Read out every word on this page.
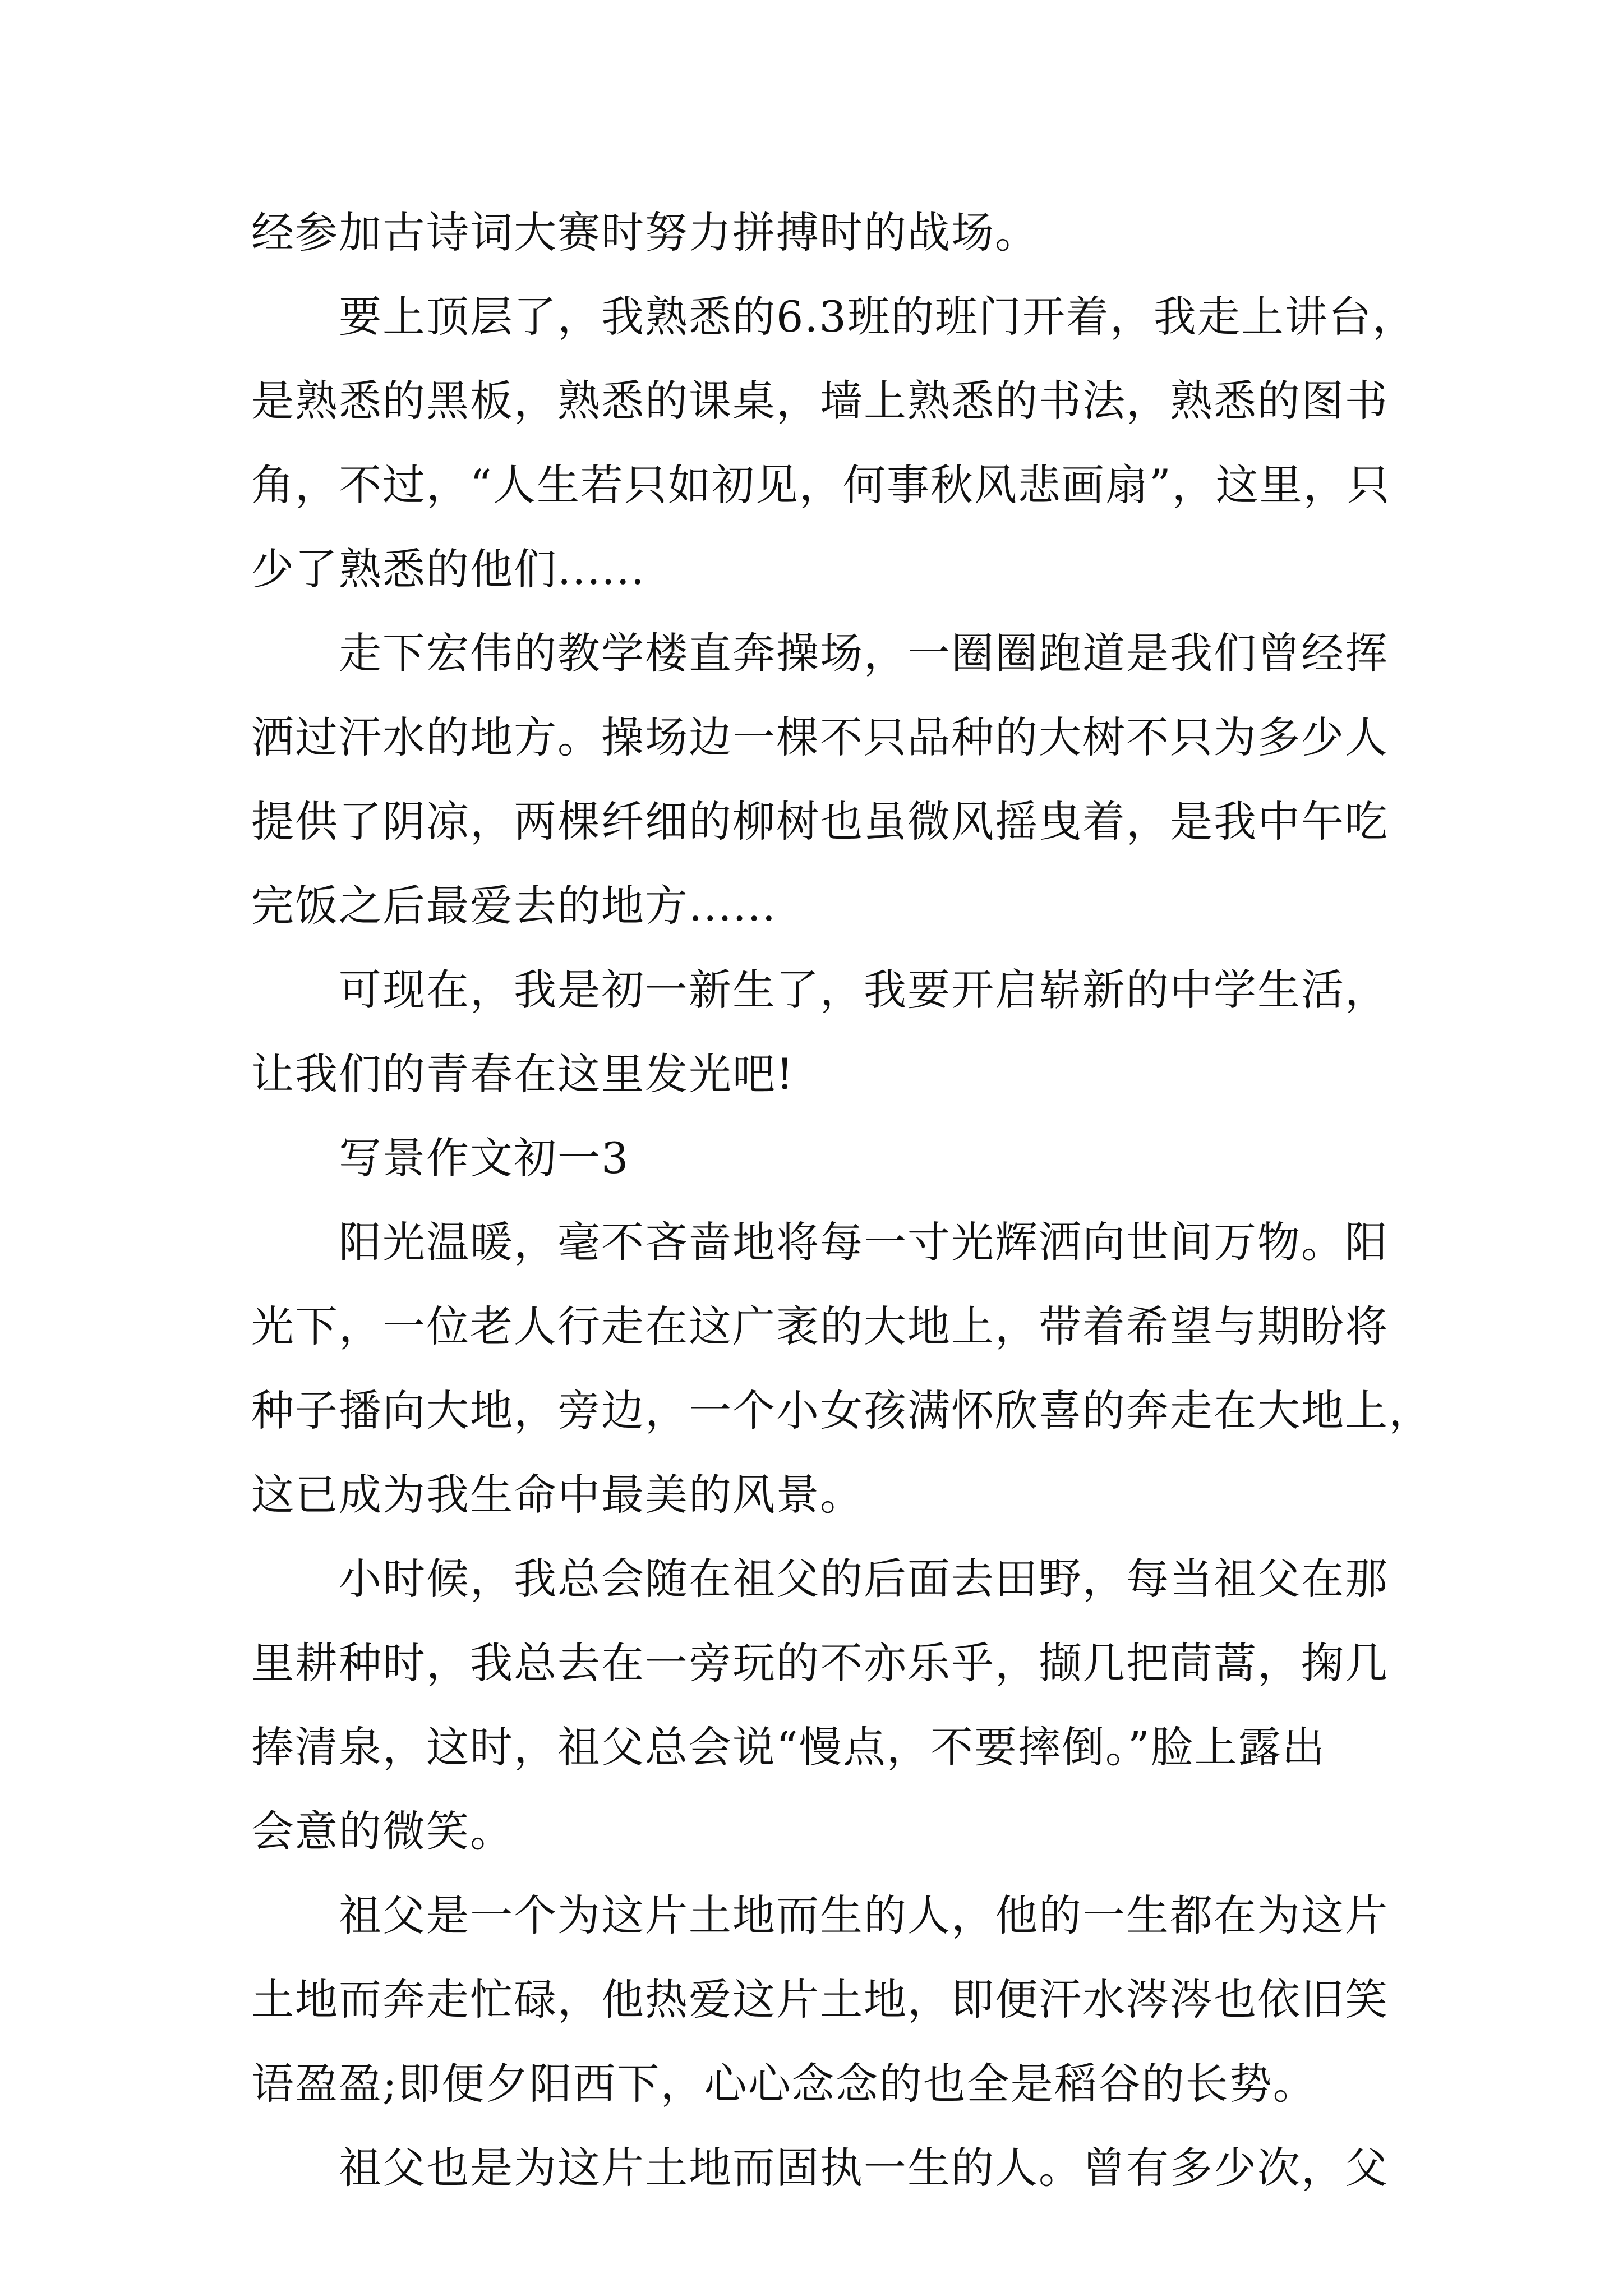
经参加古诗词大赛时努力拼搏时的战场。
要上顶层了，我熟悉的6.3班的班门开着，我走上讲台，
是熟悉的黑板，熟悉的课桌，墙上熟悉的书法，熟悉的图书
角，不过，“人生若只如初见，何事秋风悲画扇”，这里，只
少了熟悉的他们......
走下宏伟的教学楼直奔操场，一圈圈跑道是我们曾经挥
洒过汗水的地方。操场边一棵不只品种的大树不只为多少人
提供了阴凉，两棵纤细的柳树也虽微风摇曳着，是我中午吃
完饭之后最爱去的地方......
可现在，我是初一新生了，我要开启崭新的中学生活，
让我们的青春在这里发光吧!
写景作文初一3
阳光温暖，毫不吝啬地将每一寸光辉洒向世间万物。阳
光下，一位老人行走在这广袤的大地上，带着希望与期盼将
种子播向大地，旁边，一个小女孩满怀欣喜的奔走在大地上，
这已成为我生命中最美的风景。
小时候，我总会随在祖父的后面去田野，每当祖父在那
里耕种时，我总去在一旁玩的不亦乐乎，撷几把茼蒿，掬几
捧清泉，这时，祖父总会说“慢点，不要摔倒。”脸上露出
会意的微笑。
祖父是一个为这片土地而生的人，他的一生都在为这片
土地而奔走忙碌，他热爱这片土地，即便汗水涔涔也依旧笑
语盈盈;即便夕阳西下，心心念念的也全是稻谷的长势。
祖父也是为这片土地而固执一生的人。曾有多少次，父
